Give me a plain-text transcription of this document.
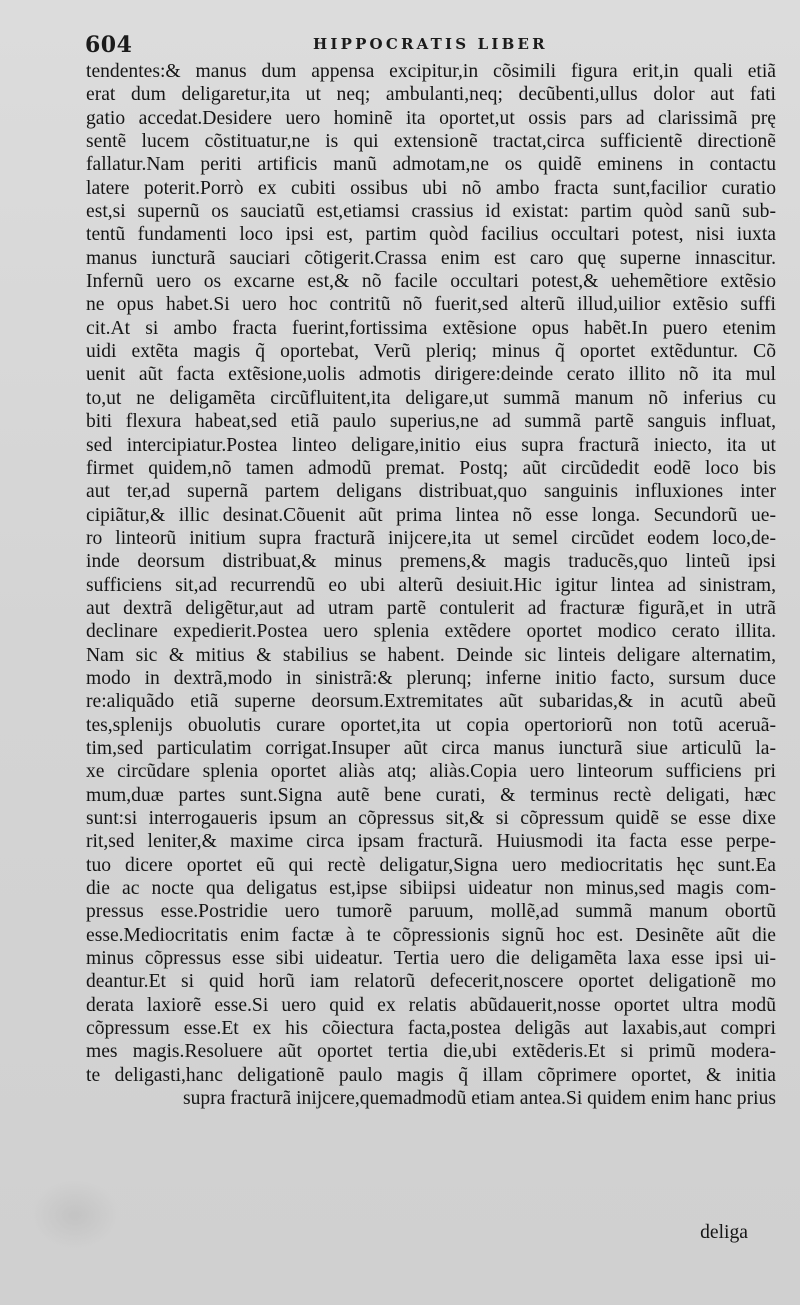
604	HIPPOCRATIS LIBER
tendentes:& manus dum appensa excipitur,in cõsimili figura erit,in quali etiã
erat dum deligaretur,ita ut neq; ambulanti,neq; decũbenti,ullus dolor aut fati
gatio accedat.Desidere uero hominẽ ita oportet,ut ossis pars ad clarissimã prę
sentẽ lucem cõstituatur,ne is qui extensionẽ tractat,circa sufficientẽ directionẽ
fallatur.Nam periti artificis manũ admotam,ne os quidẽ eminens in contactu
latere poterit.Porrò ex cubiti ossibus ubi nõ ambo fracta sunt,facilior curatio
est,si supernũ os sauciatũ est,etiamsi crassius id existat: partim quòd sanũ sub-
tentũ fundamenti loco ipsi est, partim quòd facilius occultari potest, nisi iuxta
manus iuncturã sauciari cõtigerit.Crassa enim est caro quę superne innascitur.
Infernũ uero os excarne est,& nõ facile occultari potest,& uehemẽtiore extẽsio
ne opus habet.Si uero hoc contritũ nõ fuerit,sed alterũ illud,uilior extẽsio suffi
cit.At si ambo fracta fuerint,fortissima extẽsione opus habẽt.In puero etenim
uidi extẽta magis q̃ oportebat, Verũ pleriq; minus q̃ oportet extẽduntur. Cõ
uenit aũt facta extẽsione,uolis admotis dirigere:deinde cerato illito nõ ita mul
to,ut ne deligamẽta circũfluitent,ita deligare,ut summã manum nõ inferius cu
biti flexura habeat,sed etiã paulo superius,ne ad summã partẽ sanguis influat,
sed intercipiatur.Postea linteo deligare,initio eius supra fracturã iniecto, ita ut
firmet quidem,nõ tamen admodũ premat. Postq; aũt circũdedit eodẽ loco bis
aut ter,ad supernã partem deligans distribuat,quo sanguinis influxiones inter
cipiãtur,& illic desinat.Cõuenit aũt prima lintea nõ esse longa. Secundorũ ue-
ro linteorũ initium supra fracturã inijcere,ita ut semel circũdet eodem loco,de-
inde deorsum distribuat,& minus premens,& magis traducẽs,quo linteũ ipsi
sufficiens sit,ad recurrendũ eo ubi alterũ desiuit.Hic igitur lintea ad sinistram,
aut dextrã deligẽtur,aut ad utram partẽ contulerit ad fracturæ figurã,et in utrã
declinare expedierit.Postea uero splenia extẽdere oportet modico cerato illita.
Nam sic & mitius & stabilius se habent. Deinde sic linteis deligare alternatim,
modo in dextrã,modo in sinistrã:& plerunq; inferne initio facto, sursum duce
re:aliquãdo etiã superne deorsum.Extremitates aũt subaridas,& in acutũ abeũ
tes,splenijs obuolutis curare oportet,ita ut copia opertoriorũ non totũ aceruã-
tim,sed particulatim corrigat.Insuper aũt circa manus iuncturã siue articulũ la-
xe circũdare splenia oportet aliàs atq; aliàs.Copia uero linteorum sufficiens pri
mum,duæ partes sunt.Signa autẽ bene curati, & terminus rectè deligati, hæc
sunt:si interrogaueris ipsum an cõpressus sit,& si cõpressum quidẽ se esse dixe
rit,sed leniter,& maxime circa ipsam fracturã. Huiusmodi ita facta esse perpe-
tuo dicere oportet eũ qui rectè deligatur,Signa uero mediocritatis hęc sunt.Ea
die ac nocte qua deligatus est,ipse sibiipsi uideatur non minus,sed magis com-
pressus esse.Postridie uero tumorẽ paruum, mollẽ,ad summã manum obortũ
esse.Mediocritatis enim factæ à te cõpressionis signũ hoc est. Desinẽte aũt die
minus cõpressus esse sibi uideatur. Tertia uero die deligamẽta laxa esse ipsi ui-
deantur.Et si quid horũ iam relatorũ defecerit,noscere oportet deligationẽ mo
derata laxiorẽ esse.Si uero quid ex relatis abũdauerit,nosse oportet ultra modũ
cõpressum esse.Et ex his cõiectura facta,postea deligãs aut laxabis,aut compri
mes magis.Resoluere aũt oportet tertia die,ubi extẽderis.Et si primũ modera-
te deligasti,hanc deligationẽ paulo magis q̃ illam cõprimere oportet, & initia
supra fracturã inijcere,quemadmodũ etiam antea.Si quidem enim hanc prius
deliga
